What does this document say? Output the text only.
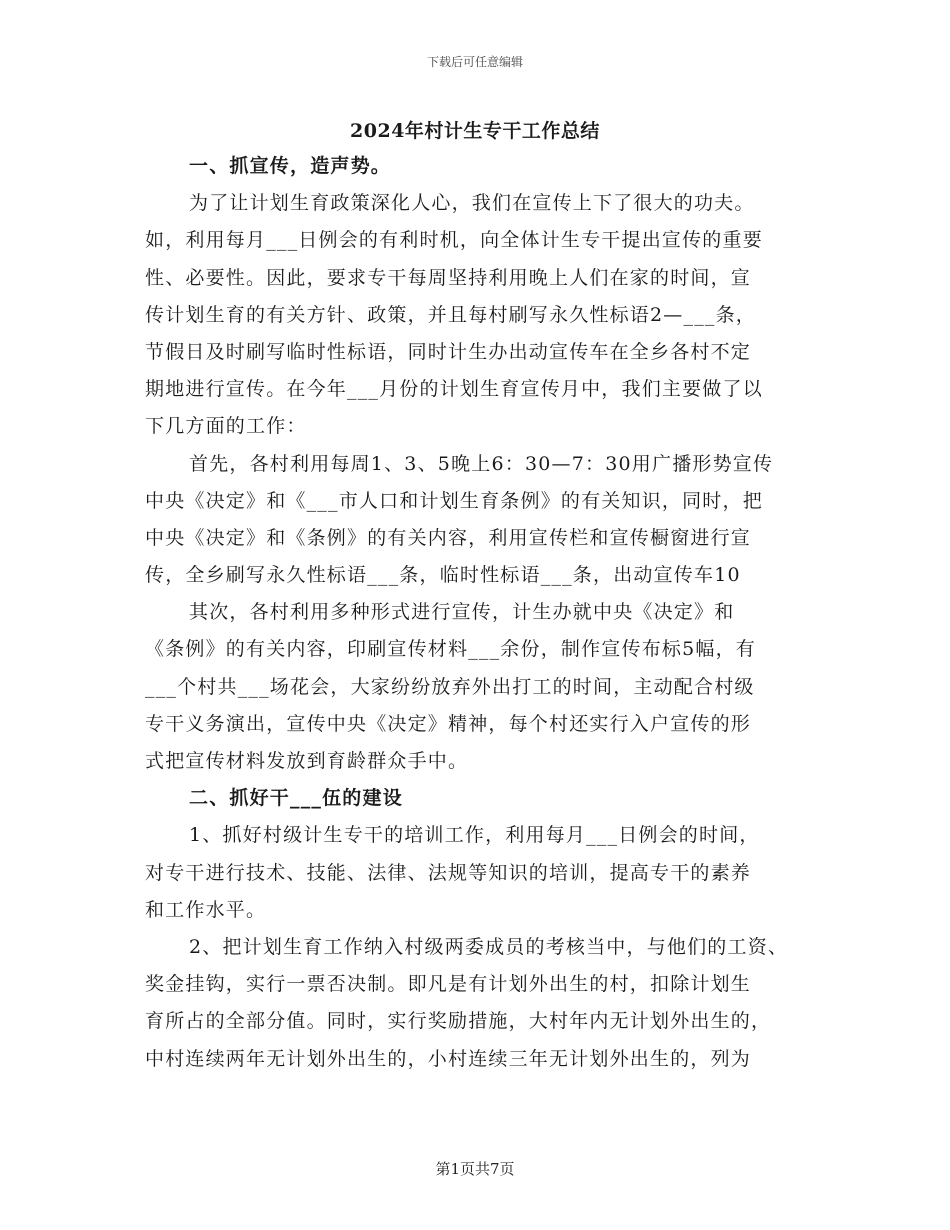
下载后可任意编辑
2024年村计生专干工作总结
一、抓宣传，造声势。
为了让计划生育政策深化人心，我们在宣传上下了很大的功夫。
如，利用每月___日例会的有利时机，向全体计生专干提出宣传的重要
性、必要性。因此，要求专干每周坚持利用晚上人们在家的时间，宣
传计划生育的有关方针、政策，并且每村刷写永久性标语2—___条，
节假日及时刷写临时性标语，同时计生办出动宣传车在全乡各村不定
期地进行宣传。在今年___月份的计划生育宣传月中，我们主要做了以
下几方面的工作：
首先，各村利用每周1、3、5晚上6：30—7：30用广播形势宣传
中央《决定》和《___市人口和计划生育条例》的有关知识，同时，把
中央《决定》和《条例》的有关内容，利用宣传栏和宣传橱窗进行宣
传，全乡刷写永久性标语___条，临时性标语___条，出动宣传车10
其次，各村利用多种形式进行宣传，计生办就中央《决定》和
《条例》的有关内容，印刷宣传材料___余份，制作宣传布标5幅，有
___个村共___场花会，大家纷纷放弃外出打工的时间，主动配合村级
专干义务演出，宣传中央《决定》精神，每个村还实行入户宣传的形
式把宣传材料发放到育龄群众手中。
二、抓好干___伍的建设
1、抓好村级计生专干的培训工作，利用每月___日例会的时间，
对专干进行技术、技能、法律、法规等知识的培训，提高专干的素养
和工作水平。
2、把计划生育工作纳入村级两委成员的考核当中，与他们的工资、
奖金挂钩，实行一票否决制。即凡是有计划外出生的村，扣除计划生
育所占的全部分值。同时，实行奖励措施，大村年内无计划外出生的，
中村连续两年无计划外出生的，小村连续三年无计划外出生的，列为
第1页共7页
